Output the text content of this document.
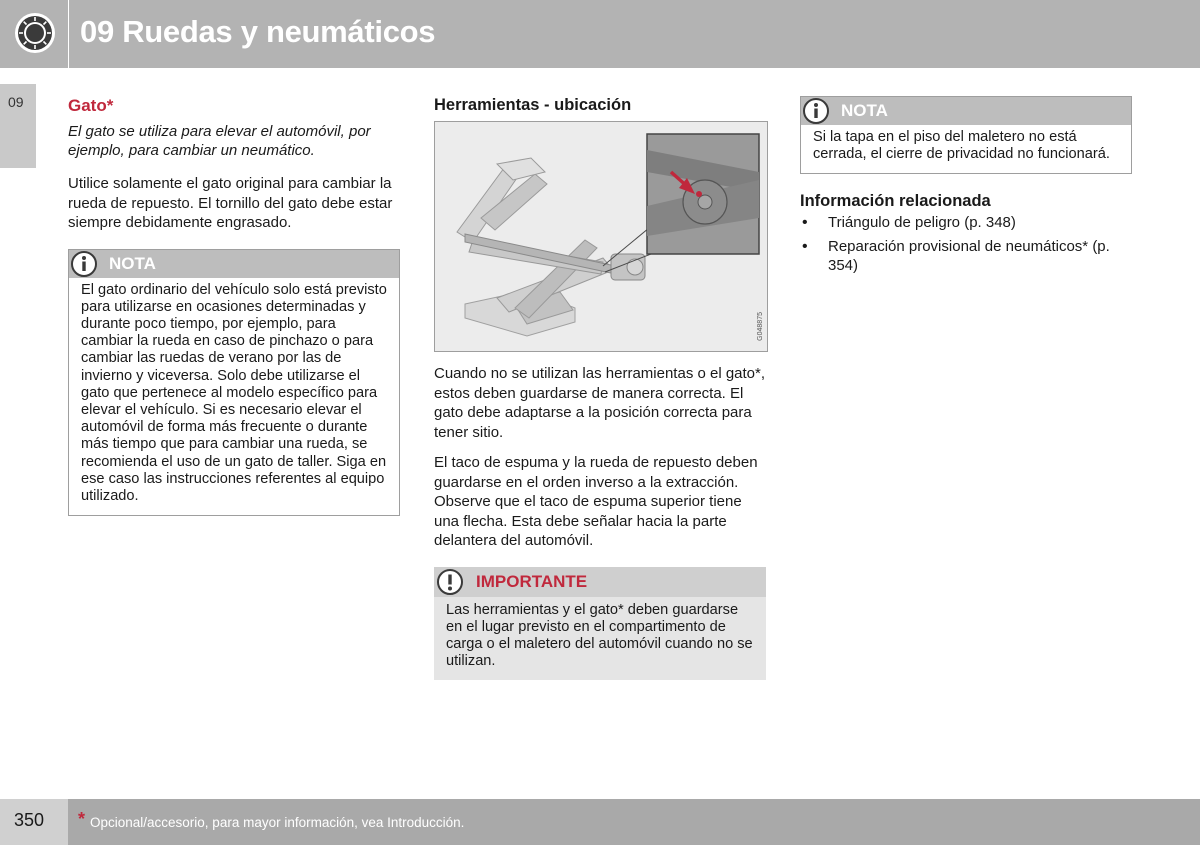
09 Ruedas y neumáticos
09	Gato*
El gato se utiliza para elevar el automóvil, por ejemplo, para cambiar un neumático.
Utilice solamente el gato original para cambiar la rueda de repuesto. El tornillo del gato debe estar siempre debidamente engrasado.
NOTA
El gato ordinario del vehículo solo está previsto para utilizarse en ocasiones determinadas y durante poco tiempo, por ejemplo, para cambiar la rueda en caso de pinchazo o para cambiar las ruedas de verano por las de invierno y viceversa. Solo debe utilizarse el gato que pertenece al modelo específico para elevar el vehículo. Si es necesario elevar el automóvil de forma más frecuente o durante más tiempo que para cambiar una rueda, se recomienda el uso de un gato de taller. Siga en ese caso las instrucciones referentes al equipo utilizado.
Herramientas - ubicación
G048875
Cuando no se utilizan las herramientas o el gato*, estos deben guardarse de manera correcta. El gato debe adaptarse a la posición correcta para tener sitio.
El taco de espuma y la rueda de repuesto deben guardarse en el orden inverso a la extracción. Observe que el taco de espuma superior tiene una flecha. Esta debe señalar hacia la parte delantera del automóvil.
IMPORTANTE
Las herramientas y el gato* deben guardarse en el lugar previsto en el compartimento de carga o el maletero del automóvil cuando no se utilizan.
NOTA
Si la tapa en el piso del maletero no está cerrada, el cierre de privacidad no funcionará.
Información relacionada
• Triángulo de peligro (p. 348)
• Reparación provisional de neumáticos* (p. 354)
350 * Opcional/accesorio, para mayor información, vea Introducción.
